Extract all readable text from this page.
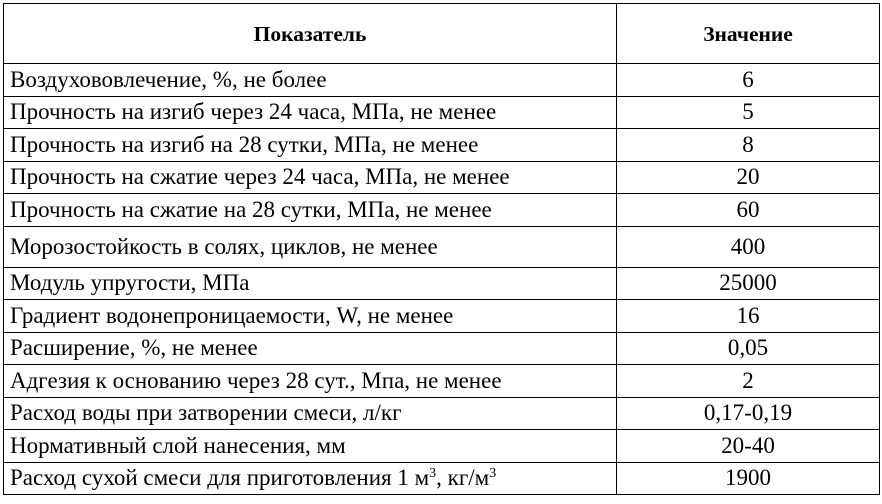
Показатель	Значение
Воздухововлечение, %, не более	6
Прочность на изгиб через 24 часа, МПа, не менее	5
Прочность на изгиб на 28 сутки, МПа, не менее	8
Прочность на сжатие через 24 часа, МПа, не менее	20
Прочность на сжатие на 28 сутки, МПа, не менее	60
Морозостойкость в солях, циклов, не менее	400
Модуль упругости, МПа	25000
Градиент водонепроницаемости, W, не менее	16
Расширение, %, не менее	0,05
Адгезия к основанию через 28 сут., Мпа, не менее	2
Расход воды при затворении смеси, л/кг	0,17-0,19
Нормативный слой нанесения, мм	20-40
Расход сухой смеси для приготовления 1 $м^3$, $кг/м^3$	1900
